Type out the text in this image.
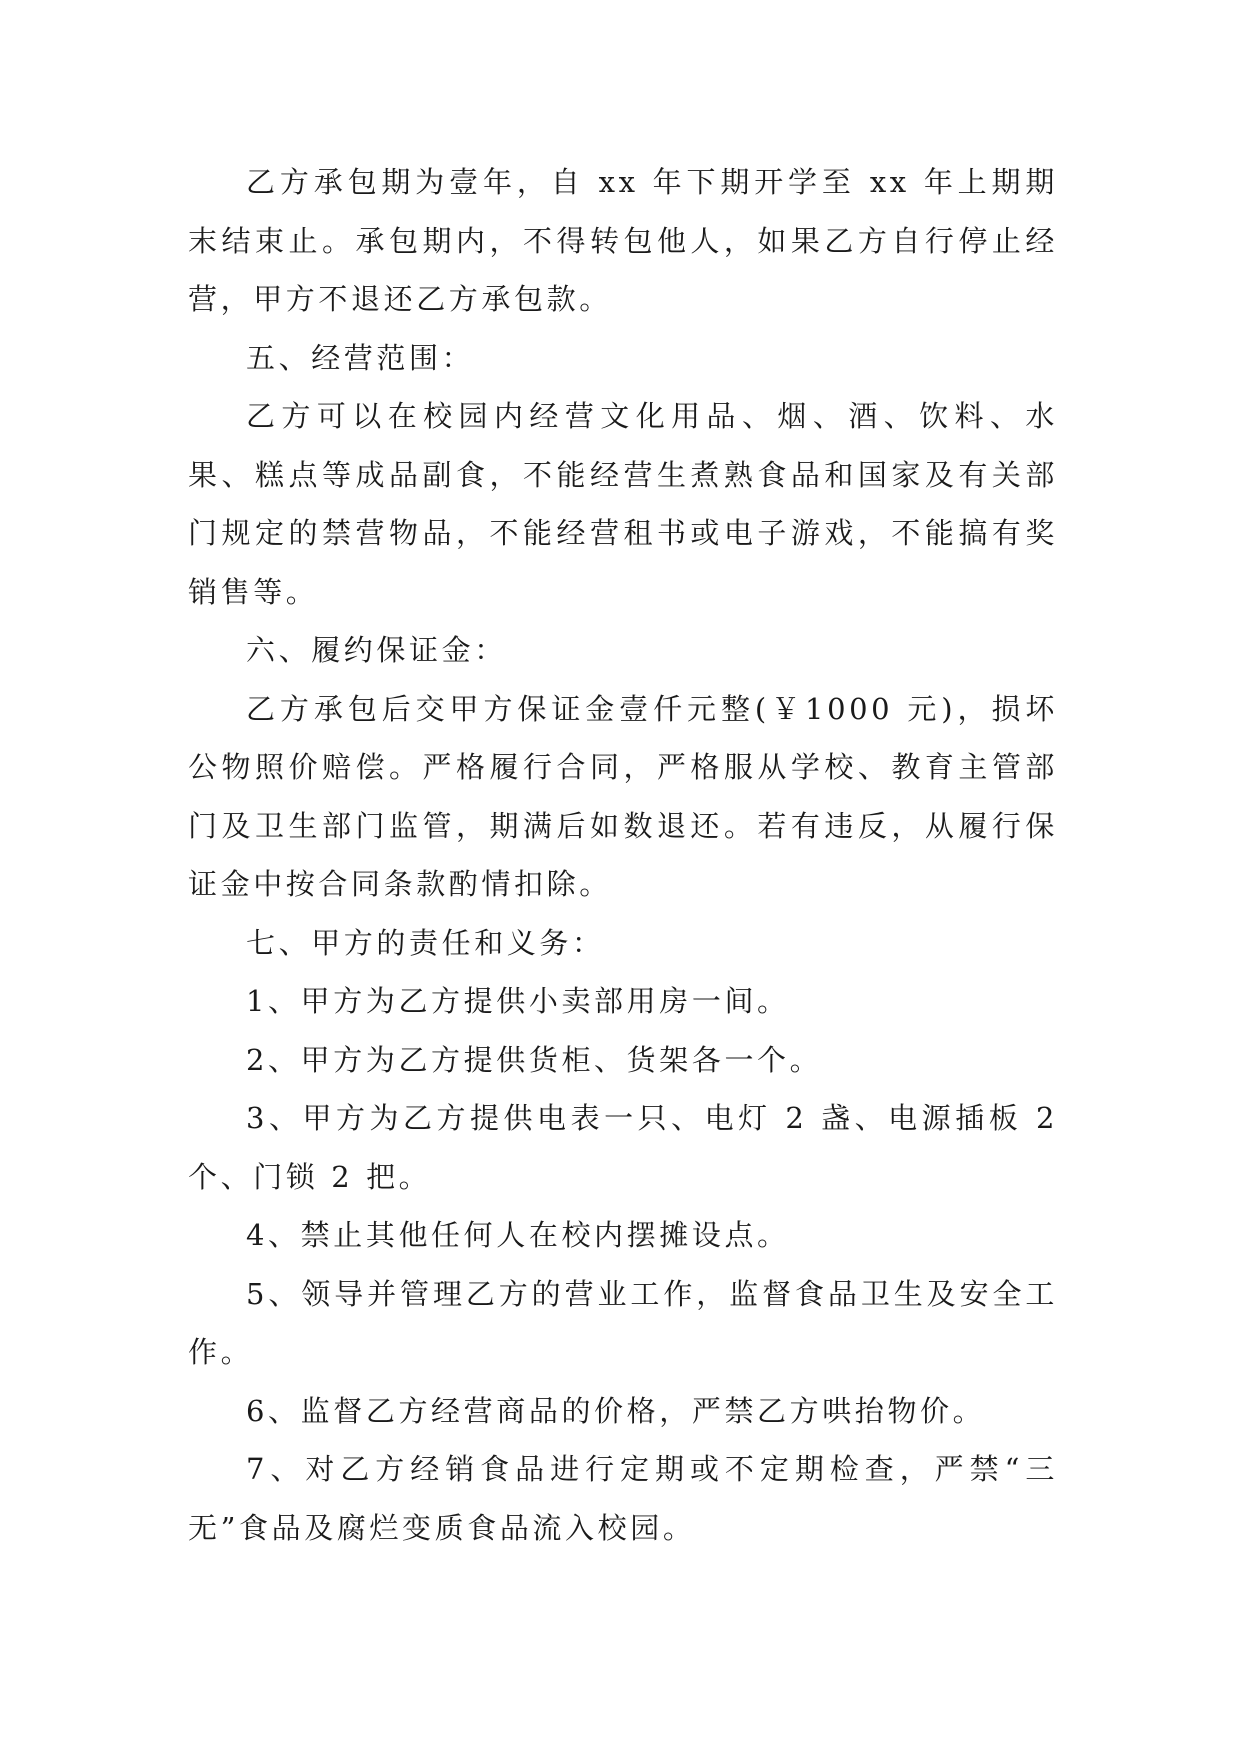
乙方承包期为壹年，自 xx 年下期开学至 xx 年上期期末结束止。承包期内，不得转包他人，如果乙方自行停止经营，甲方不退还乙方承包款。

五、经营范围：

乙方可以在校园内经营文化用品、烟、酒、饮料、水果、糕点等成品副食，不能经营生煮熟食品和国家及有关部门规定的禁营物品，不能经营租书或电子游戏，不能搞有奖销售等。

六、履约保证金：

乙方承包后交甲方保证金壹仟元整(￥1000 元)，损坏公物照价赔偿。严格履行合同，严格服从学校、教育主管部门及卫生部门监管，期满后如数退还。若有违反，从履行保证金中按合同条款酌情扣除。

七、甲方的责任和义务：

1、甲方为乙方提供小卖部用房一间。

2、甲方为乙方提供货柜、货架各一个。

3、甲方为乙方提供电表一只、电灯 2 盏、电源插板 2 个、门锁 2 把。

4、禁止其他任何人在校内摆摊设点。

5、领导并管理乙方的营业工作，监督食品卫生及安全工作。

6、监督乙方经营商品的价格，严禁乙方哄抬物价。

7、对乙方经销食品进行定期或不定期检查，严禁“三无”食品及腐烂变质食品流入校园。
